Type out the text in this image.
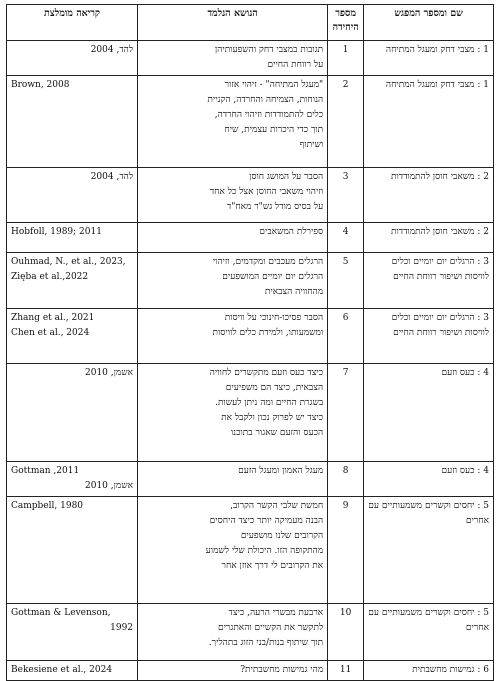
שם ומספר המפגש	מספר
היחידה	הנושא הנלמד	קריאה מומלצת
1 : מצבי דחק ומעגל המתיחה	1	תגובות במצבי דחק והשפעותיהן
על רווחת החיים	להד, 2004

1 : מצבי דחק ומעגל המתיחה	2	"מעגל המתיחה" - זיהוי אזור
הנוחות, הצמיחה והחרדה, הקניית
כלים להתמודדות וזיהוי החרדה,
תוך כדי היכרות עצמית, שיח
ושיתוף	Brown, 2008

2 : משאבי חוסן להתמודדות	3	הסבר על המושג חוסן
וזיהוי משאבי החוסן אצל כל אחד
על בסיס מודל גש"ר מאח"ד	להד, 2004

2 : משאבי חוסן להתמודדות	4	ספירלת המשאבים	Hobfoll, 1989; 2011

3 : הרגלים יום יומיים וכלים לוויסות ושיפור רווחת החיים	5	הרגלים מעכבים ומקדמים, וזיהוי
הרגלים יום יומיים המושפעים
מהחוויה הצבאית	Ouhmad, N., et al., 2023,
Zięba et al.,2022

3 : הרגלים יום יומיים וכלים לוויסות ושיפור רווחת החיים	6	הסבר פסיכו-חינוכי על וויסות
ומשמעותו, ולמידת כלים לוויסות	Zhang et al., 2021
Chen et al., 2024

4 : כעס וזעם	7	כיצד כעס וזעם מתקשרים לחוויה
הצבאית, כיצד הם משפיעים
בשגרת החיים ומה ניתן לעשות.
כיצד יש לפרוק נכון ולקבל את
הכעס והזעם שאגור בתוכנו	אשמן, 2010

4 : כעס וזעם	8	מעגל האמון ומעגל הזעם	Gottman ,2011
אשמן, 2010

5 : יחסים וקשרים משמעותיים עם אחרים	9	חמשת שלבי הקשר הקרוב,
הבנה מעמיקה יותר כיצד היחסים
הקרובים שלנו מושפעים
מהתקופה הזו. היכולת שלי לשמוע
את הקרובים לי דרך אוזן אחר	Campbell, 1980

5 : יחסים וקשרים משמעותיים עם אחרים	10	ארבעת מבשרי הרעה, כיצד
לתקשר את הקשיים והאתגרים
תוך שיתוף בנות/בני הזוג בתהליך.	Gottman & Levenson,
1992

6 : גמישות מחשבתית	11	מהי גמישות מחשבתית?	Bekesiene et al., 2024
